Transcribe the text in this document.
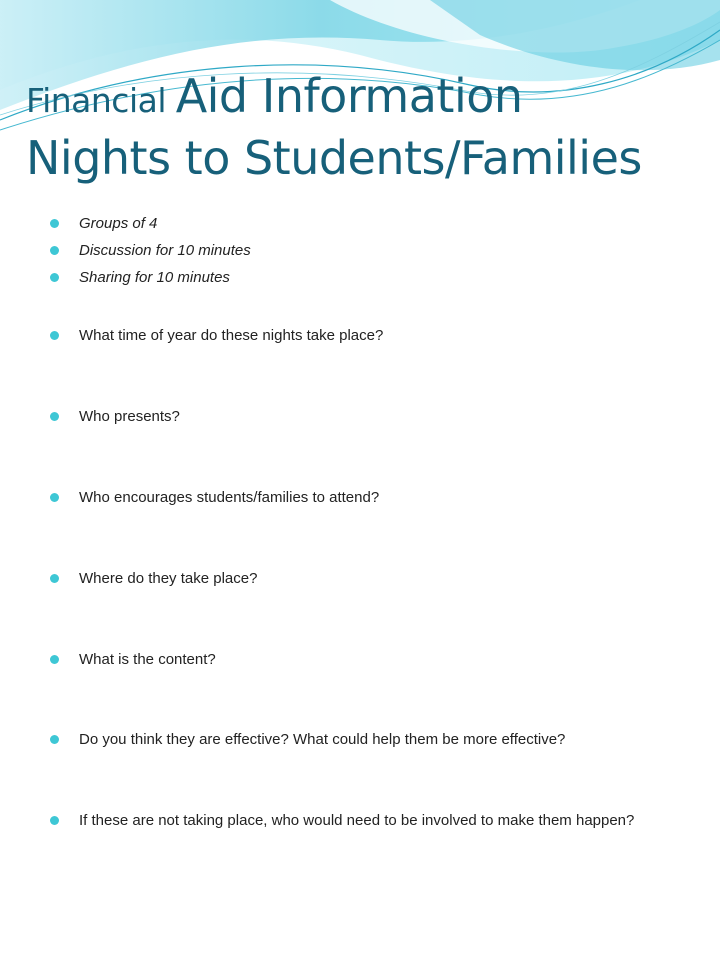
Financial Aid Information
Nights to Students/Families
Groups of 4
Discussion for 10 minutes
Sharing for 10 minutes
What time of year do these nights take place?
Who presents?
Who encourages students/families to attend?
Where do they take place?
What is the content?
Do you think they are effective? What could help them be more effective?
If these are not taking place, who would need to be involved to make them happen?
